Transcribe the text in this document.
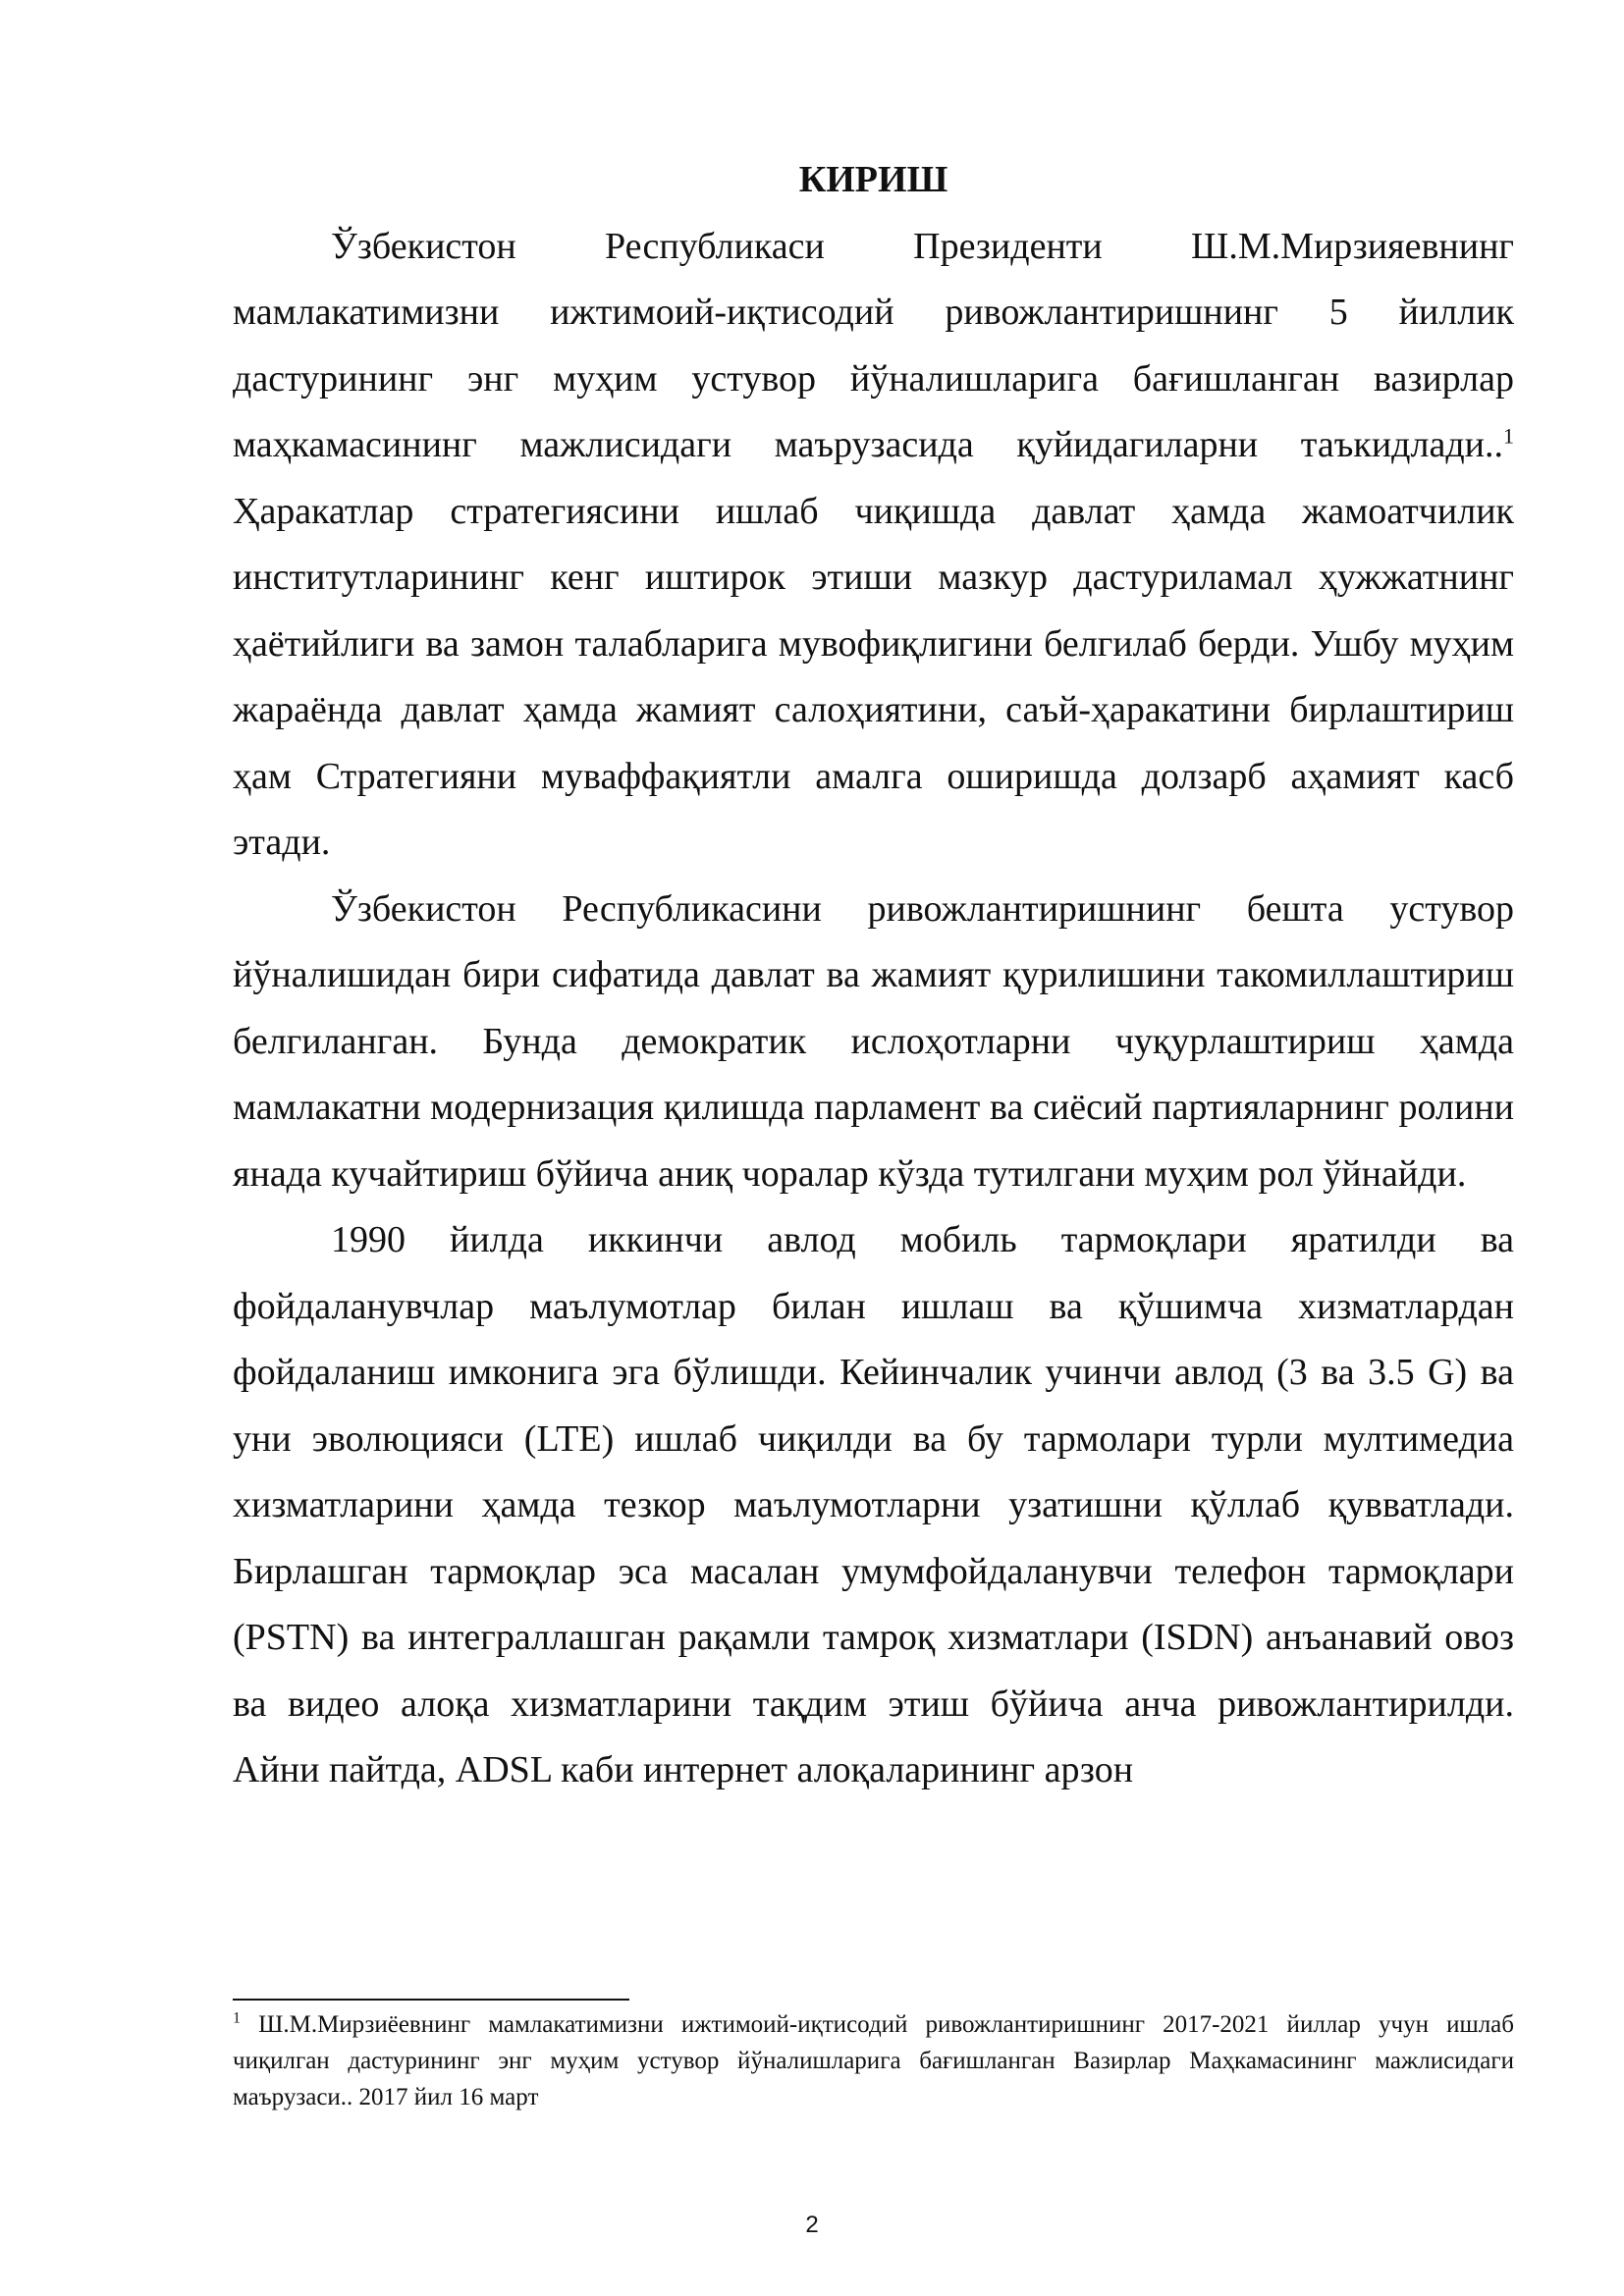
КИРИШ

Ўзбекистон Республикаси Президенти Ш.М.Мирзияевнинг мамлакатимизни ижтимоий-иқтисодий ривожлантиришнинг 5 йиллик дастурининг энг муҳим устувор йўналишларига бағишланган вазирлар маҳкамасининг мажлисидаги маърузасида қуйидагиларни таъкидлади..$^1$ Ҳаракатлар стратегиясини ишлаб чиқишда давлат ҳамда жамоатчилик институтларининг кенг иштирок этиши мазкур дастуриламал ҳужжатнинг ҳаётийлиги ва замон талабларига мувофиқлигини белгилаб берди. Ушбу муҳим жараёнда давлат ҳамда жамият салоҳиятини, саъй-ҳаракатини бирлаштириш ҳам Стратегияни муваффақиятли амалга оширишда долзарб аҳамият касб этади.

Ўзбекистон Республикасини ривожлантиришнинг бешта устувор йўналишидан бири сифатида давлат ва жамият қурилишини такомиллаштириш белгиланган. Бунда демократик ислоҳотларни чуқурлаштириш ҳамда мамлакатни модернизация қилишда парламент ва сиёсий партияларнинг ролини янада кучайтириш бўйича аниқ чоралар кўзда тутилгани муҳим рол ўйнайди.

1990 йилда иккинчи авлод мобиль тармоқлари яратилди ва фойдаланувчлар маълумотлар билан ишлаш ва қўшимча хизматлардан фойдаланиш имконига эга бўлишди. Кейинчалик учинчи авлод (3 ва 3.5 G) ва уни эволюцияси (LTE) ишлаб чиқилди ва бу тармолари турли мултимедиа хизматларини ҳамда тезкор маълумотларни узатишни қўллаб қувватлади. Бирлашган тармоқлар эса масалан умумфойдаланувчи телефон тармоқлари (PSTN) ва интеграллашган рақамли тамроқ хизматлари (ISDN) анъанавий овоз ва видео алоқа хизматларини тақдим этиш бўйича анча ривожлантирилди. Айни пайтда, ADSL каби интернет алоқаларининг арзон

$^1$ Ш.М.Мирзиёевнинг мамлакатимизни ижтимоий-иқтисодий ривожлантиришнинг 2017-2021 йиллар учун ишлаб чиқилган дастурининг энг муҳим устувор йўналишларига бағишланган Вазирлар Маҳкамасининг мажлисидаги маърузаси.. 2017 йил 16 март

2
